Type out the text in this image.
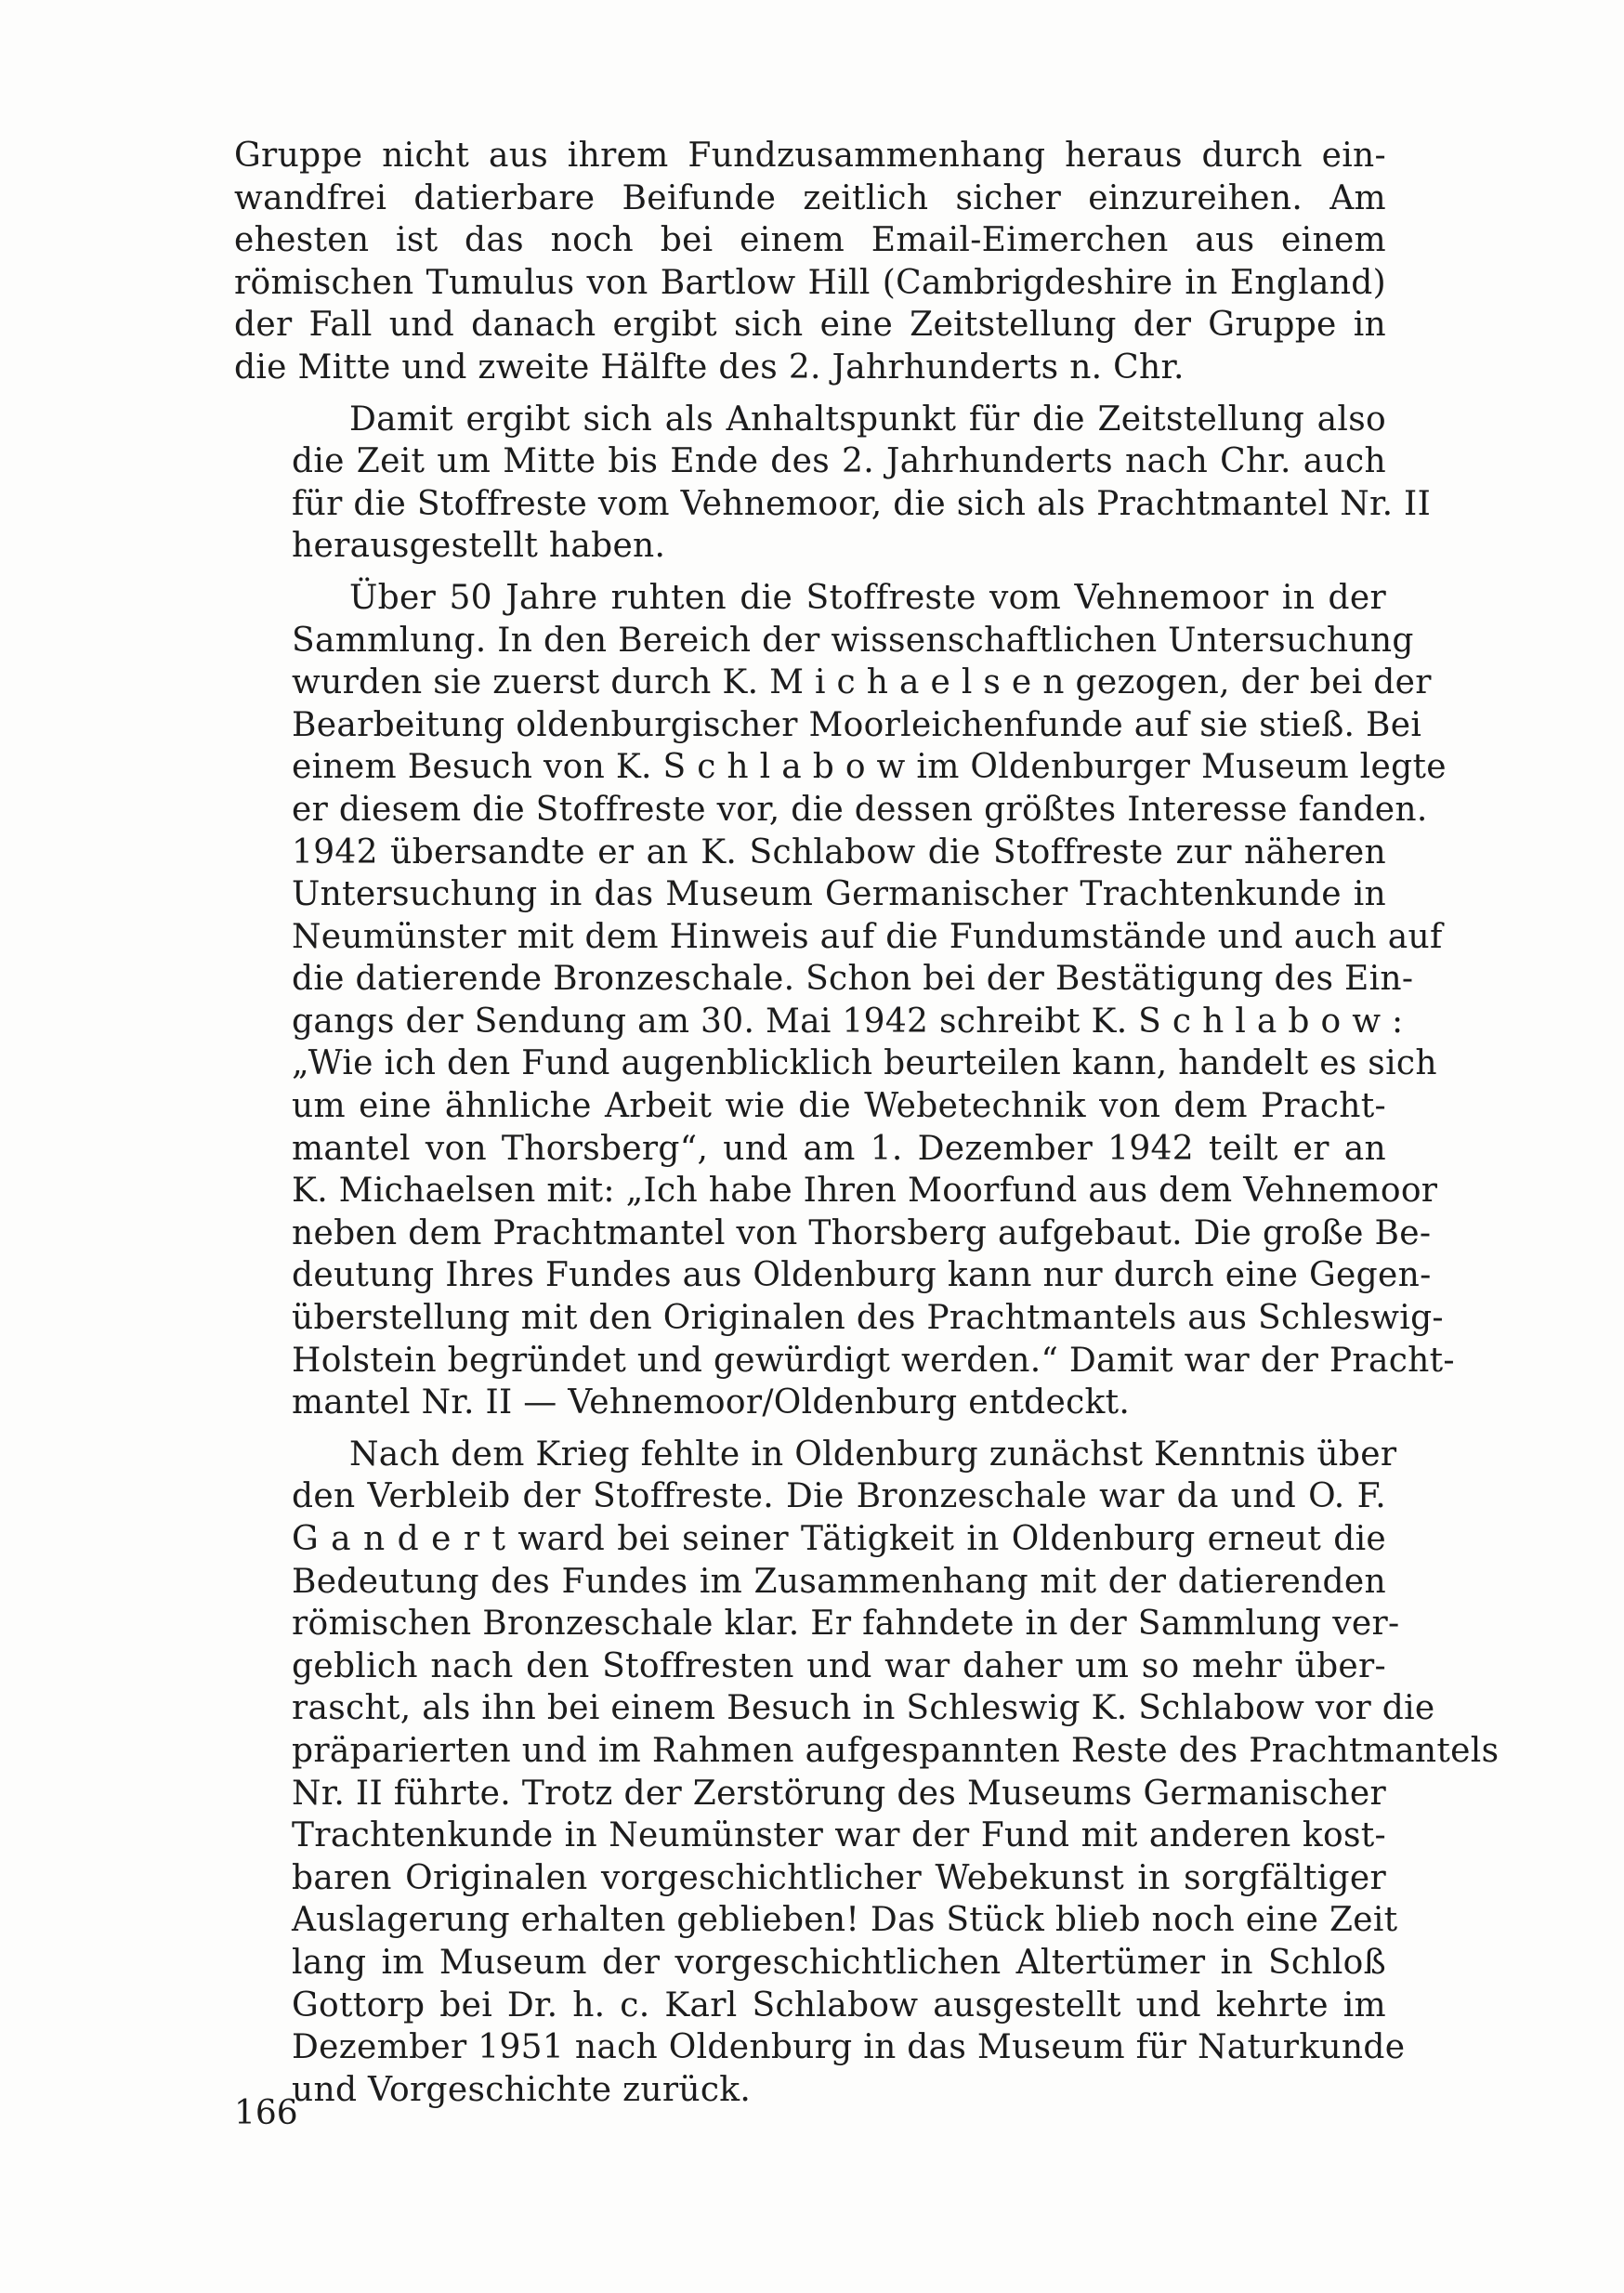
Gruppe nicht aus ihrem Fundzusammenhang heraus durch ein-
wandfrei datierbare Beifunde zeitlich sicher einzureihen. Am
ehesten ist das noch bei einem Email-Eimerchen aus einem
römischen Tumulus von Bartlow Hill (Cambrigdeshire in England)
der Fall und danach ergibt sich eine Zeitstellung der Gruppe in
die Mitte und zweite Hälfte des 2. Jahrhunderts n. Chr.
Damit ergibt sich als Anhaltspunkt für die Zeitstellung also
die Zeit um Mitte bis Ende des 2. Jahrhunderts nach Chr. auch
für die Stoffreste vom Vehnemoor, die sich als Prachtmantel Nr. II
herausgestellt haben.
Über 50 Jahre ruhten die Stoffreste vom Vehnemoor in der
Sammlung. In den Bereich der wissenschaftlichen Untersuchung
wurden sie zuerst durch K. M i c h a e l s e n gezogen, der bei der
Bearbeitung oldenburgischer Moorleichenfunde auf sie stieß. Bei
einem Besuch von K. S c h l a b o w im Oldenburger Museum legte
er diesem die Stoffreste vor, die dessen größtes Interesse fanden.
1942 übersandte er an K. Schlabow die Stoffreste zur näheren
Untersuchung in das Museum Germanischer Trachtenkunde in
Neumünster mit dem Hinweis auf die Fundumstände und auch auf
die datierende Bronzeschale. Schon bei der Bestätigung des Ein-
gangs der Sendung am 30. Mai 1942 schreibt K. S c h l a b o w :
„Wie ich den Fund augenblicklich beurteilen kann, handelt es sich
um eine ähnliche Arbeit wie die Webetechnik von dem Pracht-
mantel von Thorsberg“, und am 1. Dezember 1942 teilt er an
K. Michaelsen mit: „Ich habe Ihren Moorfund aus dem Vehnemoor
neben dem Prachtmantel von Thorsberg aufgebaut. Die große Be-
deutung Ihres Fundes aus Oldenburg kann nur durch eine Gegen-
überstellung mit den Originalen des Prachtmantels aus Schleswig-
Holstein begründet und gewürdigt werden.“ Damit war der Pracht-
mantel Nr. II — Vehnemoor/Oldenburg entdeckt.
Nach dem Krieg fehlte in Oldenburg zunächst Kenntnis über
den Verbleib der Stoffreste. Die Bronzeschale war da und O. F.
G a n d e r t ward bei seiner Tätigkeit in Oldenburg erneut die
Bedeutung des Fundes im Zusammenhang mit der datierenden
römischen Bronzeschale klar. Er fahndete in der Sammlung ver-
geblich nach den Stoffresten und war daher um so mehr über-
rascht, als ihn bei einem Besuch in Schleswig K. Schlabow vor die
präparierten und im Rahmen aufgespannten Reste des Prachtmantels
Nr. II führte. Trotz der Zerstörung des Museums Germanischer
Trachtenkunde in Neumünster war der Fund mit anderen kost-
baren Originalen vorgeschichtlicher Webekunst in sorgfältiger
Auslagerung erhalten geblieben! Das Stück blieb noch eine Zeit
lang im Museum der vorgeschichtlichen Altertümer in Schloß
Gottorp bei Dr. h. c. Karl Schlabow ausgestellt und kehrte im
Dezember 1951 nach Oldenburg in das Museum für Naturkunde
und Vorgeschichte zurück.
166
